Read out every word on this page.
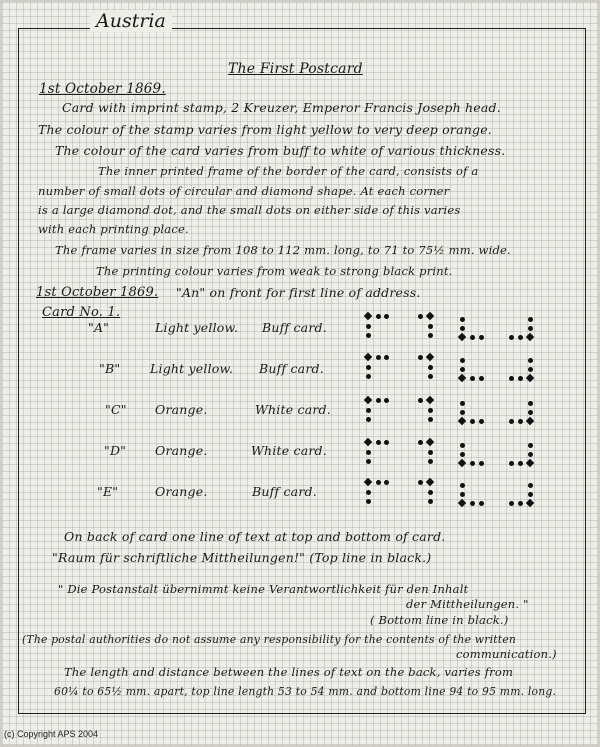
Austria
The First Postcard
1st October 1869.
Card with imprint stamp, 2 Kreuzer, Emperor Francis Joseph head.
The colour of the stamp varies from light yellow to very deep orange.
The colour of the card varies from buff to white of various thickness.
The inner printed frame of the border of the card, consists of a
number of small dots of circular and diamond shape. At each corner
is a large diamond dot, and the small dots on either side of this varies
with each printing place.
The frame varies in size from 108 to 112 mm. long, to 71 to 75½ mm. wide.
The printing colour varies from weak to strong black print.
1st October 1869. "An" on front for first line of address.
Card No. 1.
"A"	Light yellow. Buff card.
"B" Light yellow. Buff card.
"C" Orange.	White card.
"D" Orange.	White card.
"E"	Orange.	Buff card.
On back of card one line of text at top and bottom of card.
"Raum für schriftliche Mittheilungen!" (Top line in black.)
" Die Postanstalt übernimmt keine Verantwortlichkeit für den Inhalt
der Mittheilungen. "
( Bottom line in black.)
(The postal authorities do not assume any responsibility for the contents of the written
communication.)
The length and distance between the lines of text on the back, varies from
60¼ to 65½ mm. apart, top line length 53 to 54 mm. and bottom line 94 to 95 mm. long.
(c) Copyright APS 2004
